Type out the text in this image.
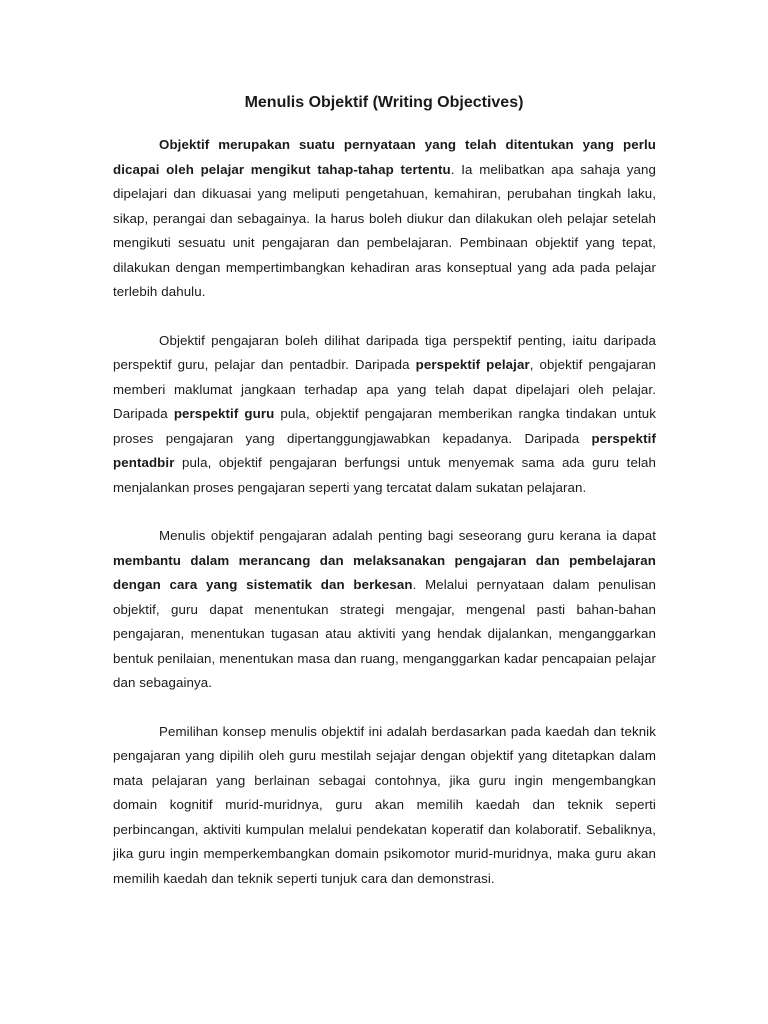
Menulis Objektif (Writing Objectives)

Objektif merupakan suatu pernyataan yang telah ditentukan yang perlu dicapai oleh pelajar mengikut tahap-tahap tertentu. Ia melibatkan apa sahaja yang dipelajari dan dikuasai yang meliputi pengetahuan, kemahiran, perubahan tingkah laku, sikap, perangai dan sebagainya. Ia harus boleh diukur dan dilakukan oleh pelajar setelah mengikuti sesuatu unit pengajaran dan pembelajaran. Pembinaan objektif yang tepat, dilakukan dengan mempertimbangkan kehadiran aras konseptual yang ada pada pelajar terlebih dahulu.

Objektif pengajaran boleh dilihat daripada tiga perspektif penting, iaitu daripada perspektif guru, pelajar dan pentadbir. Daripada perspektif pelajar, objektif pengajaran memberi maklumat jangkaan terhadap apa yang telah dapat dipelajari oleh pelajar. Daripada perspektif guru pula, objektif pengajaran memberikan rangka tindakan untuk proses pengajaran yang dipertanggungjawabkan kepadanya. Daripada perspektif pentadbir pula, objektif pengajaran berfungsi untuk menyemak sama ada guru telah menjalankan proses pengajaran seperti yang tercatat dalam sukatan pelajaran.

Menulis objektif pengajaran adalah penting bagi seseorang guru kerana ia dapat membantu dalam merancang dan melaksanakan pengajaran dan pembelajaran dengan cara yang sistematik dan berkesan. Melalui pernyataan dalam penulisan objektif, guru dapat menentukan strategi mengajar, mengenal pasti bahan-bahan pengajaran, menentukan tugasan atau aktiviti yang hendak dijalankan, menganggarkan bentuk penilaian, menentukan masa dan ruang, menganggarkan kadar pencapaian pelajar dan sebagainya.

Pemilihan konsep menulis objektif ini adalah berdasarkan pada kaedah dan teknik pengajaran yang dipilih oleh guru mestilah sejajar dengan objektif yang ditetapkan dalam mata pelajaran yang berlainan sebagai contohnya, jika guru ingin mengembangkan domain kognitif murid-muridnya, guru akan memilih kaedah dan teknik seperti perbincangan, aktiviti kumpulan melalui pendekatan koperatif dan kolaboratif. Sebaliknya, jika guru ingin memperkembangkan domain psikomotor murid-muridnya, maka guru akan memilih kaedah dan teknik seperti tunjuk cara dan demonstrasi.
